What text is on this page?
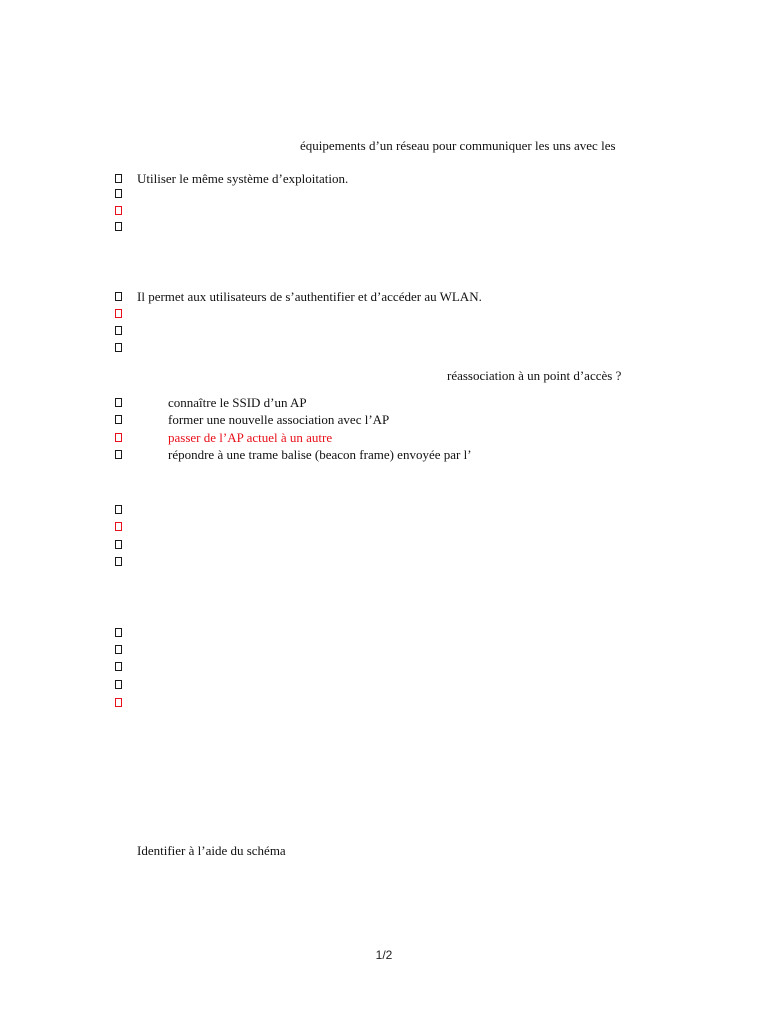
équipements d’un réseau pour communiquer les uns avec les
Utiliser le même système d’exploitation.
Il permet aux utilisateurs de s’authentifier et d’accéder au WLAN.
réassociation à un point d’accès ?
connaître le SSID d’un AP
former une nouvelle association avec l’AP
passer de l’AP actuel à un autre
répondre à une trame balise (beacon frame) envoyée par l’
Identifier à l’aide du schéma
1/2
